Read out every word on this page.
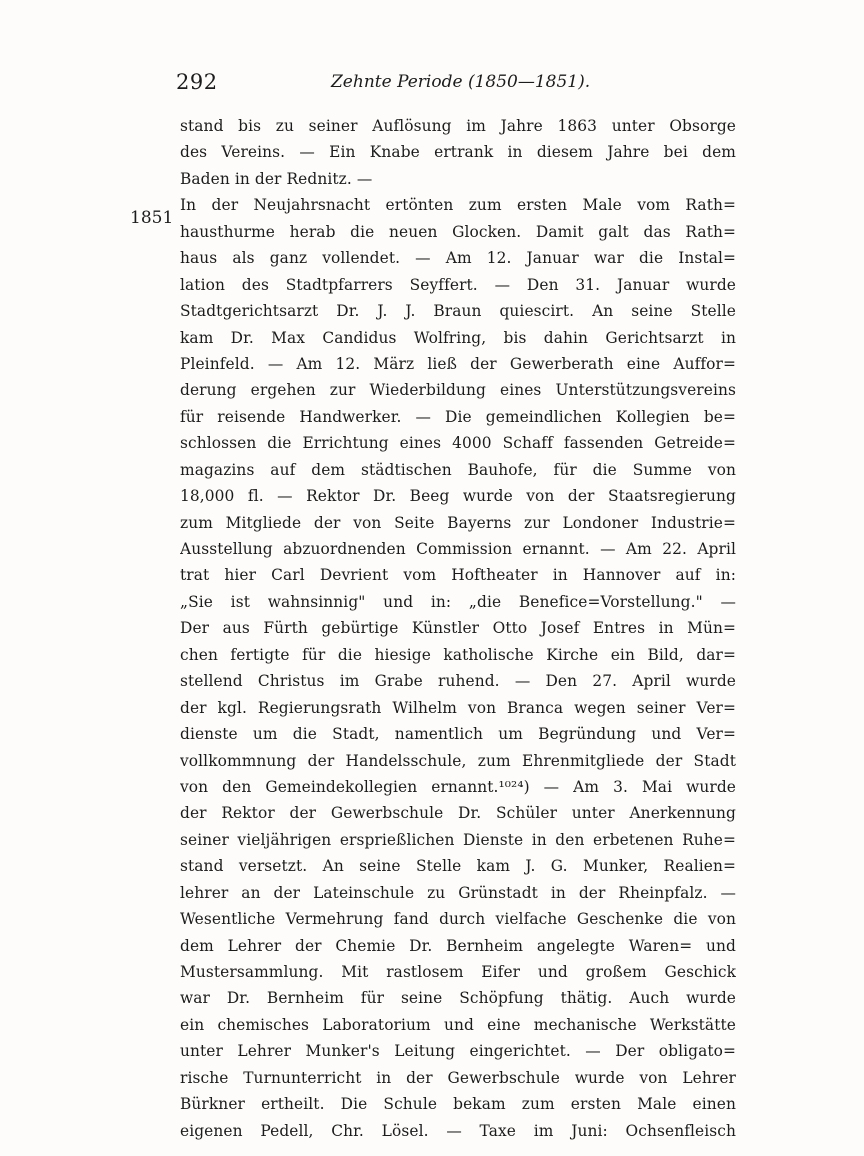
292	Zehnte Periode (1850—1851).
1851
stand bis zu seiner Auflösung im Jahre 1863 unter Obsorge
des Vereins. — Ein Knabe ertrank in diesem Jahre bei dem
Baden in der Rednitz. —
In der Neujahrsnacht ertönten zum ersten Male vom Rath=
hausthurme herab die neuen Glocken. Damit galt das Rath=
haus als ganz vollendet. — Am 12. Januar war die Instal=
lation des Stadtpfarrers Seyffert. — Den 31. Januar wurde
Stadtgerichtsarzt Dr. J. J. Braun quiescirt. An seine Stelle
kam Dr. Max Candidus Wolfring, bis dahin Gerichtsarzt in
Pleinfeld. — Am 12. März ließ der Gewerberath eine Auffor=
derung ergehen zur Wiederbildung eines Unterstützungsvereins
für reisende Handwerker. — Die gemeindlichen Kollegien be=
schlossen die Errichtung eines 4000 Schaff fassenden Getreide=
magazins auf dem städtischen Bauhofe, für die Summe von
18,000 fl. — Rektor Dr. Beeg wurde von der Staatsregierung
zum Mitgliede der von Seite Bayerns zur Londoner Industrie=
Ausstellung abzuordnenden Commission ernannt. — Am 22. April
trat hier Carl Devrient vom Hoftheater in Hannover auf in:
„Sie ist wahnsinnig" und in: „die Benefice=Vorstellung." —
Der aus Fürth gebürtige Künstler Otto Josef Entres in Mün=
chen fertigte für die hiesige katholische Kirche ein Bild, dar=
stellend Christus im Grabe ruhend. — Den 27. April wurde
der kgl. Regierungsrath Wilhelm von Branca wegen seiner Ver=
dienste um die Stadt, namentlich um Begründung und Ver=
vollkommnung der Handelsschule, zum Ehrenmitgliede der Stadt
von den Gemeindekollegien ernannt.¹⁰²⁴) — Am 3. Mai wurde
der Rektor der Gewerbschule Dr. Schüler unter Anerkennung
seiner vieljährigen ersprießlichen Dienste in den erbetenen Ruhe=
stand versetzt. An seine Stelle kam J. G. Munker, Realien=
lehrer an der Lateinschule zu Grünstadt in der Rheinpfalz. —
Wesentliche Vermehrung fand durch vielfache Geschenke die von
dem Lehrer der Chemie Dr. Bernheim angelegte Waren= und
Mustersammlung. Mit rastlosem Eifer und großem Geschick
war Dr. Bernheim für seine Schöpfung thätig. Auch wurde
ein chemisches Laboratorium und eine mechanische Werkstätte
unter Lehrer Munker's Leitung eingerichtet. — Der obligato=
rische Turnunterricht in der Gewerbschule wurde von Lehrer
Bürkner ertheilt. Die Schule bekam zum ersten Male einen
eigenen Pedell, Chr. Lösel. — Taxe im Juni: Ochsenfleisch
